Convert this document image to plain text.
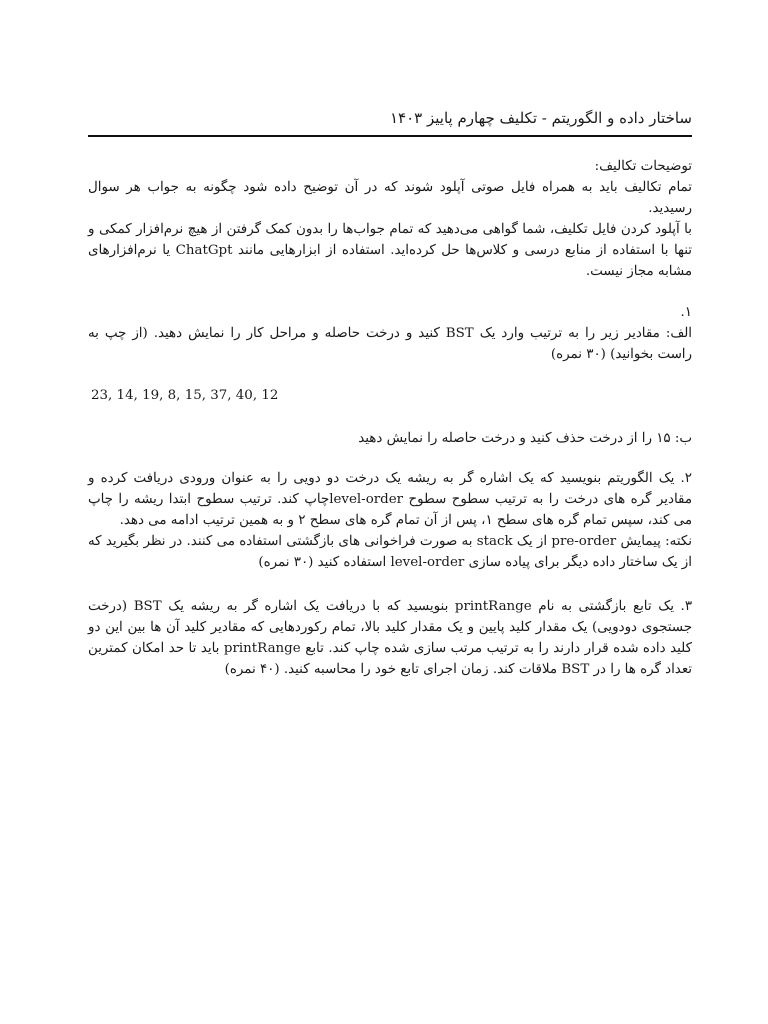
ساختار داده و الگوریتم - تکلیف چهارم پاییز ۱۴۰۳

توضیحات تکالیف:

تمام تکالیف باید به همراه فایل صوتی آپلود شوند که در آن توضیح داده شود چگونه به جواب هر سوال رسیدید.

با آپلود کردن فایل تکلیف، شما گواهی می‌دهید که تمام جواب‌ها را بدون کمک گرفتن از هیچ نرم‌افزار کمکی و تنها با استفاده از منابع درسی و کلاس‌ها حل کرده‌اید. استفاده از ابزارهایی مانند ChatGpt یا نرم‌افزارهای مشابه مجاز نیست.

۱.

الف: مقادیر زیر را به ترتیب وارد یک BST کنید و درخت حاصله و مراحل کار را نمایش دهید. (از چپ به راست بخوانید) (۳۰ نمره)

23, 14, 19, 8, 15, 37, 40, 12

ب: ۱۵ را از درخت حذف کنید و درخت حاصله را نمایش دهید

۲. یک الگوریتم بنویسید که یک اشاره گر به ریشه یک درخت دو دویی را به عنوان ورودی دریافت کرده و مقادیر گره های درخت را به ترتیب سطوح سطوح level-orderچاپ کند. ترتیب سطوح ابتدا ریشه را چاپ می کند، سپس تمام گره های سطح ۱، پس از آن تمام گره های سطح ۲ و به همین ترتیب ادامه می دهد.

نکته: پیمایش pre-order از یک stack به صورت فراخوانی های بازگشتی استفاده می کنند. در نظر بگیرید که از یک ساختار داده دیگر برای پیاده سازی level-order استفاده کنید (۳۰ نمره)

۳. یک تابع بازگشتی به نام printRange بنویسید که با دریافت یک اشاره گر به ریشه یک BST (درخت جستجوی دودویی) یک مقدار کلید پایین و یک مقدار کلید بالا، تمام رکوردهایی که مقادیر کلید آن ها بین این دو کلید داده شده قرار دارند را به ترتیب مرتب سازی شده چاپ کند. تابع printRange باید تا حد امکان کمترین تعداد گره ها را در BST ملاقات کند. زمان اجرای تابع خود را محاسبه کنید. (۴۰ نمره)
